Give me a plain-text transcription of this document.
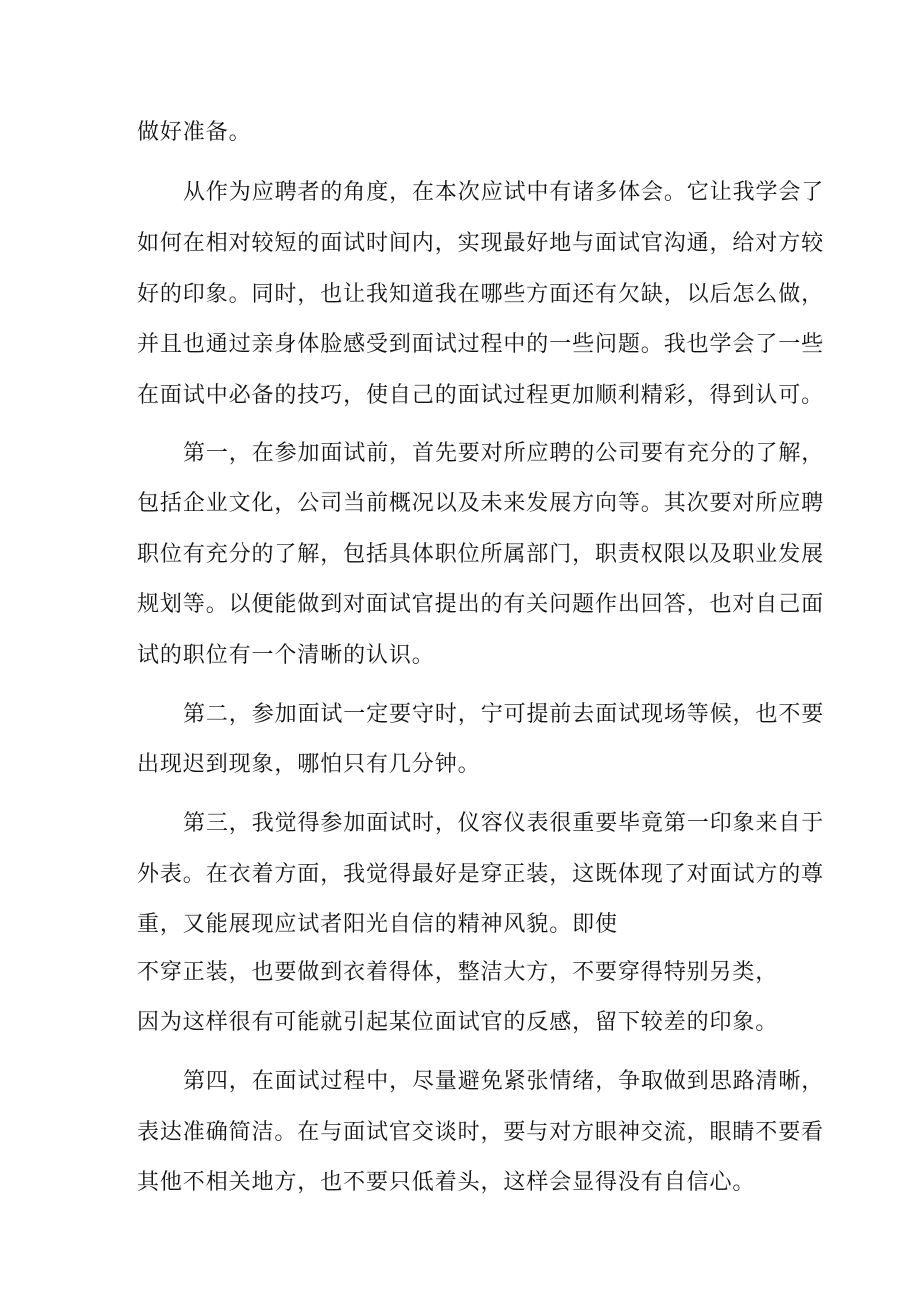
做好准备。
从作为应聘者的角度，在本次应试中有诸多体会。它让我学会了
如何在相对较短的面试时间内，实现最好地与面试官沟通，给对方较
好的印象。同时，也让我知道我在哪些方面还有欠缺，以后怎么做，
并且也通过亲身体脸感受到面试过程中的一些问题。我也学会了一些
在面试中必备的技巧，使自己的面试过程更加顺利精彩，得到认可。
第一，在参加面试前，首先要对所应聘的公司要有充分的了解，
包括企业文化，公司当前概况以及未来发展方向等。其次要对所应聘
职位有充分的了解，包括具体职位所属部门，职责权限以及职业发展
规划等。以便能做到对面试官提出的有关问题作出回答，也对自己面
试的职位有一个清晰的认识。
第二，参加面试一定要守时，宁可提前去面试现场等候，也不要
出现迟到现象，哪怕只有几分钟。
第三，我觉得参加面试时，仪容仪表很重要毕竟第一印象来自于
外表。在衣着方面，我觉得最好是穿正装，这既体现了对面试方的尊
重，又能展现应试者阳光自信的精神风貌。即使
不穿正装，也要做到衣着得体，整洁大方，不要穿得特别另类，
因为这样很有可能就引起某位面试官的反感，留下较差的印象。
第四，在面试过程中，尽量避免紧张情绪，争取做到思路清晰，
表达准确简洁。在与面试官交谈时，要与对方眼神交流，眼睛不要看
其他不相关地方，也不要只低着头，这样会显得没有自信心。
